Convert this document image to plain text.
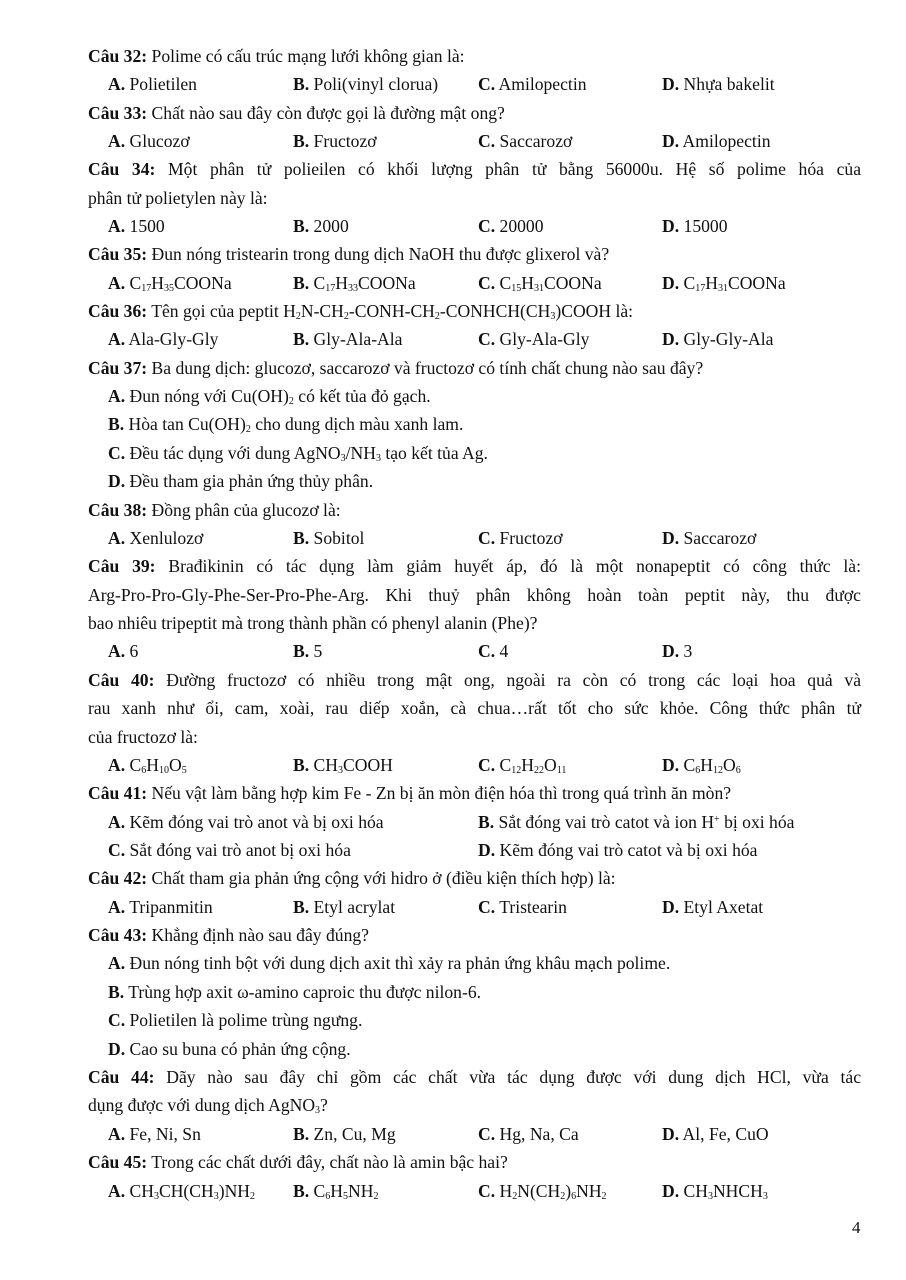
Câu 32: Polime có cấu trúc mạng lưới không gian là:
A. Polietilen	B. Poli(vinyl clorua) C. Amilopectin	D. Nhựa bakelit
Câu 33: Chất nào sau đây còn được gọi là đường mật ong?
A. Glucozơ	B. Fructozơ	C. Saccarozơ	D. Amilopectin
Câu 34: Một phân tử polieilen có khối lượng phân tử bằng 56000u. Hệ số polime hóa của
phân tử polietylen này là:
A. 1500	B. 2000	C. 20000	D. 15000
Câu 35: Đun nóng tristearin trong dung dịch NaOH thu được glixerol và?
A. $C_{17}H_{35}COONa$	B. $C_{17}H_{33}COONa$	C. $C_{15}H_{31}COONa$	D. $C_{17}H_{31}COONa$
Câu 36: Tên gọi của peptit $H_2N-CH_2-CONH-CH_2-CONHCH(CH_3)COOH$ là:
A. Ala-Gly-Gly	B. Gly-Ala-Ala	C. Gly-Ala-Gly	D. Gly-Gly-Ala
Câu 37: Ba dung dịch: glucozơ, saccarozơ và fructozơ có tính chất chung nào sau đây?
A. Đun nóng với $Cu(OH)_2$ có kết tủa đỏ gạch.
B. Hòa $\tan Cu(OH)_2$ cho dung dịch màu xanh lam.
C. Đều tác dụng với dung $AgNO_3/NH_3$ tạo kết tủa Ag.
D. Đều tham gia phản ứng thủy phân.
Câu 38: Đồng phân của glucozơ là:
A. Xenlulozơ	B. Sobitol	C. Fructozơ	D. Saccarozơ
Câu 39: Brađikinin có tác dụng làm giảm huyết áp, đó là một nonapeptit có công thức là:
Arg-Pro-Pro-Gly-Phe-Ser-Pro-Phe-Arg. Khi thuỷ phân không hoàn toàn peptit này, thu được
bao nhiêu tripeptit mà trong thành phần có phenyl alanin (Phe)?
A. 6	B. 5	C. 4	D. 3
Câu 40: Đường fructozơ có nhiều trong mật ong, ngoài ra còn có trong các loại hoa quả và
rau xanh như ổi, cam, xoài, rau diếp xoắn, cà chua…rất tốt cho sức khỏe. Công thức phân tử
của fructozơ là:
A. $C_6H_{10}O_5$	B. $CH_3COOH$	C. $C_{12}H_{22}O_{11}$	D. $C_6H_{12}O_6$
Câu 41: Nếu vật làm bằng hợp kim Fe - Zn bị ăn mòn điện hóa thì trong quá trình ăn mòn?
A. Kẽm đóng vai trò anot và bị oxi hóa	B. Sắt đóng vai trò catot và ion H+ bị oxi hóa
C. Sắt đóng vai trò anot bị oxi hóa	D. Kẽm đóng vai trò catot và bị oxi hóa
Câu 42: Chất tham gia phản ứng cộng với hidro ở (điều kiện thích hợp) là:
A. Tripanmitin	B. Etyl acrylat	C. Tristearin	D. Etyl Axetat
Câu 43: Khẳng định nào sau đây đúng?
A. Đun nóng tinh bột với dung dịch axit thì xảy ra phản ứng khâu mạch polime.
B. Trùng hợp axit ω-amino caproic thu được nilon-6.
C. Polietilen là polime trùng ngưng.
D. Cao su buna có phản ứng cộng.
Câu 44: Dãy nào sau đây chỉ gồm các chất vừa tác dụng được với dung dịch HCl, vừa tác
dụng được với dung dịch AgNO$_3$?
A. Fe, Ni, Sn	B. Zn, Cu, Mg	C. Hg, Na, Ca	D. Al, Fe, CuO
Câu 45: Trong các chất dưới đây, chất nào là amin bậc hai?
A. $CH_3CH(CH_3)NH_2$ B. $C_6H_5NH_2$	C. $H_2N(CH_2)_6NH_2$	D. $CH_3NHCH_3$
4
